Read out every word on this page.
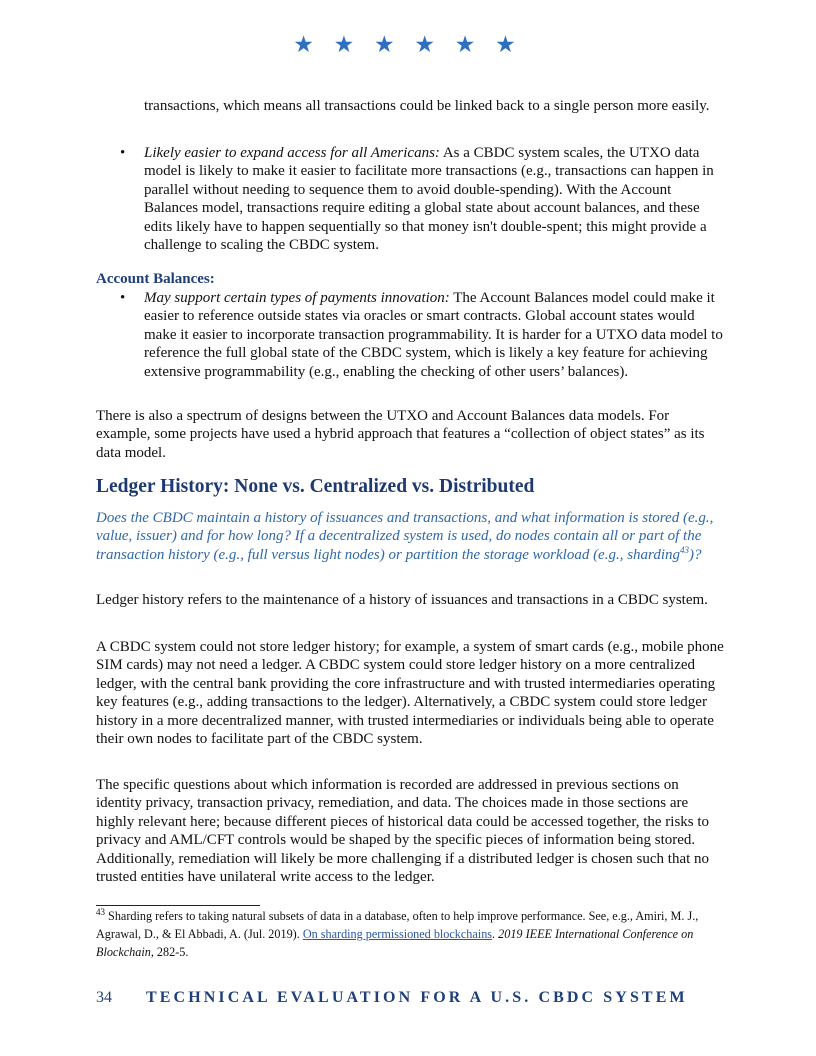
★ ★ ★ ★ ★ ★

transactions, which means all transactions could be linked back to a single person more easily.

• Likely easier to expand access for all Americans: As a CBDC system scales, the UTXO data model is likely to make it easier to facilitate more transactions (e.g., transactions can happen in parallel without needing to sequence them to avoid double-spending). With the Account Balances model, transactions require editing a global state about account balances, and these edits likely have to happen sequentially so that money isn't double-spent; this might provide a challenge to scaling the CBDC system.

Account Balances:

• May support certain types of payments innovation: The Account Balances model could make it easier to reference outside states via oracles or smart contracts. Global account states would make it easier to incorporate transaction programmability. It is harder for a UTXO data model to reference the full global state of the CBDC system, which is likely a key feature for achieving extensive programmability (e.g., enabling the checking of other users’ balances).

There is also a spectrum of designs between the UTXO and Account Balances data models. For example, some projects have used a hybrid approach that features a “collection of object states” as its data model.

Ledger History: None vs. Centralized vs. Distributed

Does the CBDC maintain a history of issuances and transactions, and what information is stored (e.g., value, issuer) and for how long? If a decentralized system is used, do nodes contain all or part of the transaction history (e.g., full versus light nodes) or partition the storage workload (e.g., sharding$^{43}$)?

Ledger history refers to the maintenance of a history of issuances and transactions in a CBDC system.

A CBDC system could not store ledger history; for example, a system of smart cards (e.g., mobile phone SIM cards) may not need a ledger. A CBDC system could store ledger history on a more centralized ledger, with the central bank providing the core infrastructure and with trusted intermediaries operating key features (e.g., adding transactions to the ledger). Alternatively, a CBDC system could store ledger history in a more decentralized manner, with trusted intermediaries or individuals being able to operate their own nodes to facilitate part of the CBDC system.

The specific questions about which information is recorded are addressed in previous sections on identity privacy, transaction privacy, remediation, and data. The choices made in those sections are highly relevant here; because different pieces of historical data could be accessed together, the risks to privacy and AML/CFT controls would be shaped by the specific pieces of information being stored. Additionally, remediation will likely be more challenging if a distributed ledger is chosen such that no trusted entities have unilateral write access to the ledger.

$^{43}$ Sharding refers to taking natural subsets of data in a database, often to help improve performance. See, e.g., Amiri, M. J., Agrawal, D., & El Abbadi, A. (Jul. 2019). On sharding permissioned blockchains. 2019 IEEE International Conference on Blockchain, 282-5.

34 TECHNICAL EVALUATION FOR A U.S. CBDC SYSTEM
